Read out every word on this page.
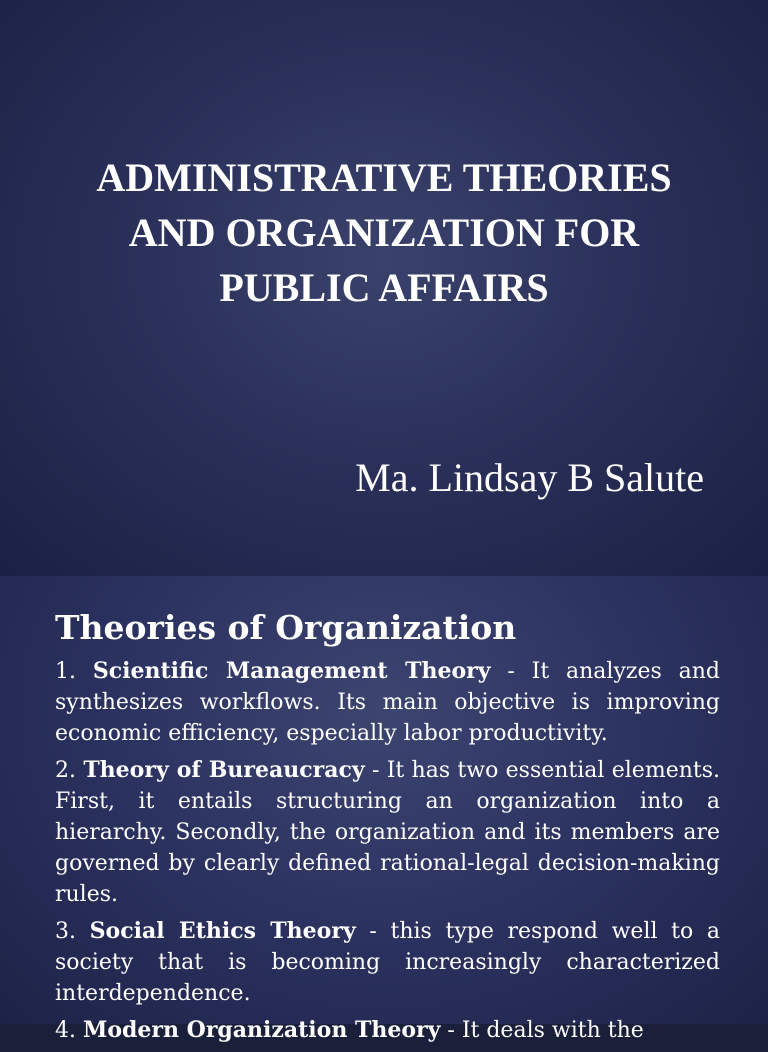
ADMINISTRATIVE THEORIES
AND ORGANIZATION FOR
PUBLIC AFFAIRS

Ma. Lindsay B Salute

Theories of Organization
1. Scientific Management Theory - It analyzes and synthesizes workflows. Its main objective is improving economic efficiency, especially labor productivity.
2. Theory of Bureaucracy - It has two essential elements. First, it entails structuring an organization into a hierarchy. Secondly, the organization and its members are governed by clearly defined rational-legal decision-making rules.
3. Social Ethics Theory - this type respond well to a society that is becoming increasingly characterized interdependence.
4. Modern Organization Theory - It deals with the
